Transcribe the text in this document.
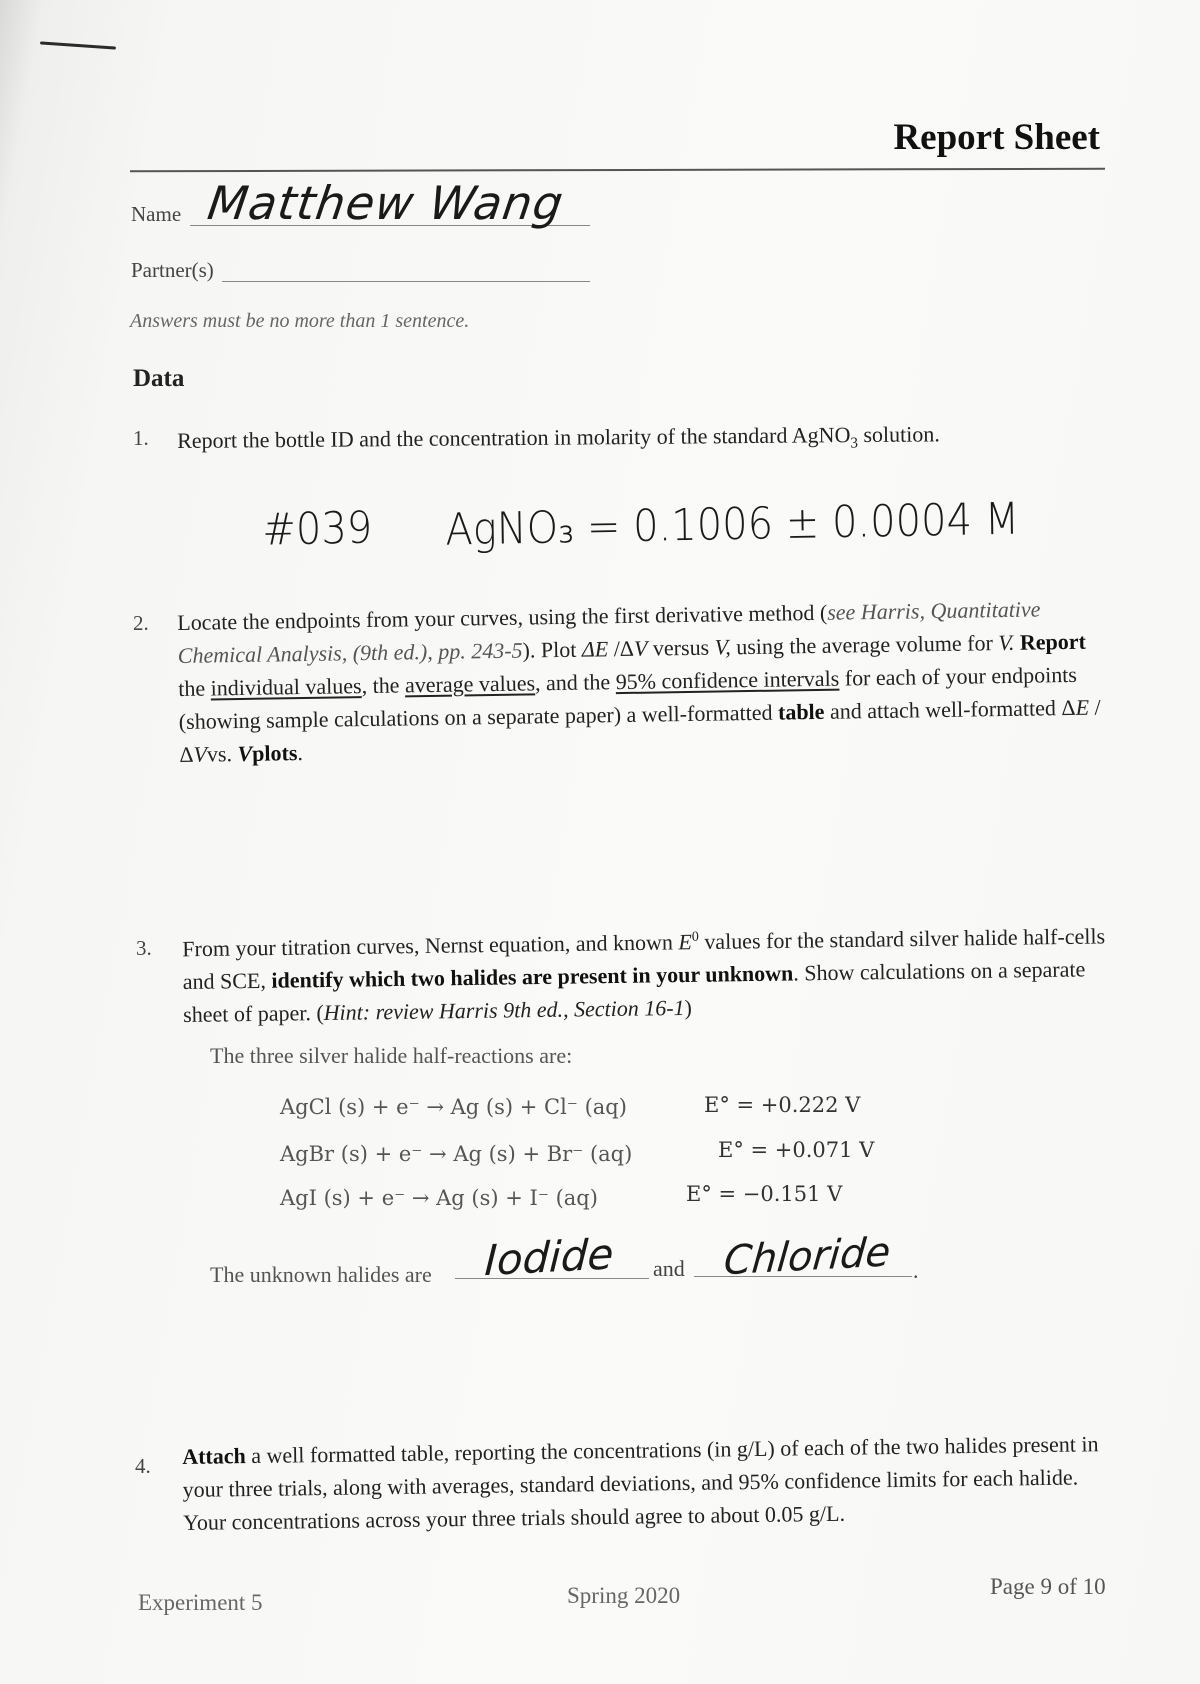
Report Sheet
Name Matthew Wang
Partner(s)
Answers must be no more than 1 sentence.
Data
1. Report the bottle ID and the concentration in molarity of the standard AgNO$_3$ solution.
#039 AgNO₃ = 0.1006 ± 0.0004 M
2. Locate the endpoints from your curves, using the first derivative method (see Harris, Quantitative Chemical Analysis, (9th ed.), pp. 243-5). Plot ΔE /ΔV versus V, using the average volume for V. Report the individual values, the average values, and the 95% confidence intervals for each of your endpoints (showing sample calculations on a separate paper) a well-formatted table and attach well-formatted ΔE /ΔVvs. Vplots.
3. From your titration curves, Nernst equation, and known $E^0$ values for the standard silver halide half-cells and SCE, identify which two halides are present in your unknown. Show calculations on a separate sheet of paper. (Hint: review Harris 9th ed., Section 16-1)
The three silver halide half-reactions are:
AgCl (s) + e⁻ → Ag (s) + Cl⁻ (aq)	E° = +0.222 V
AgBr (s) + e⁻ → Ag (s) + Br⁻ (aq)	E° = +0.071 V
AgI (s) + e⁻ → Ag (s) + I⁻ (aq)	E° = −0.151 V
The unknown halides are Iodide and Chloride .
4. Attach a well formatted table, reporting the concentrations (in g/L) of each of the two halides present in your three trials, along with averages, standard deviations, and 95% confidence limits for each halide. Your concentrations across your three trials should agree to about 0.05 g/L.
Experiment 5	Spring 2020	Page 9 of 10
